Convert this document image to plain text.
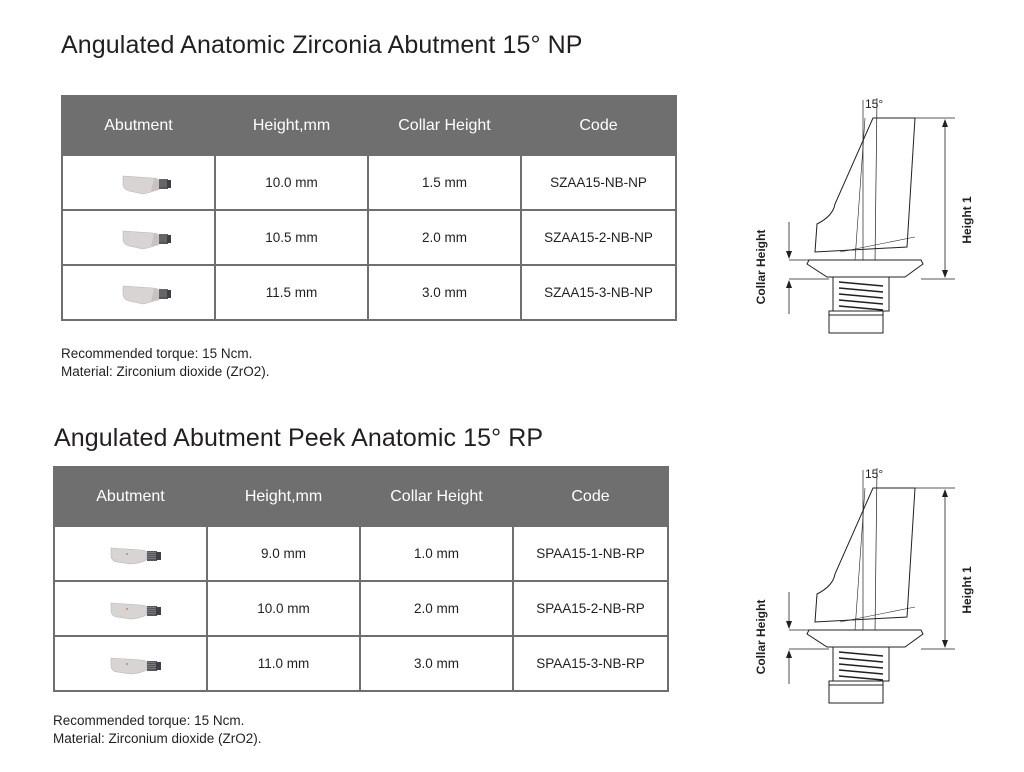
Angulated Anatomic Zirconia Abutment 15° NP
Abutment	Height,mm	Collar Height	Code

	10.0 mm	1.5 mm	SZAA15-NB-NP

	10.5 mm	2.0 mm	SZAA15-2-NB-NP

	11.5 mm	3.0 mm	SZAA15-3-NB-NP
Recommended torque: 15 Ncm.
Material: Zirconium dioxide (ZrO2).
15°
Height 1
Collar Height
Angulated Abutment Peek Anatomic 15° RP
Abutment	Height,mm	Collar Height	Code

	9.0 mm	1.0 mm	SPAA15-1-NB-RP

	10.0 mm	2.0 mm	SPAA15-2-NB-RP

	11.0 mm	3.0 mm	SPAA15-3-NB-RP
Recommended torque: 15 Ncm.
Material: Zirconium dioxide (ZrO2).
15°
Height 1
Collar Height
